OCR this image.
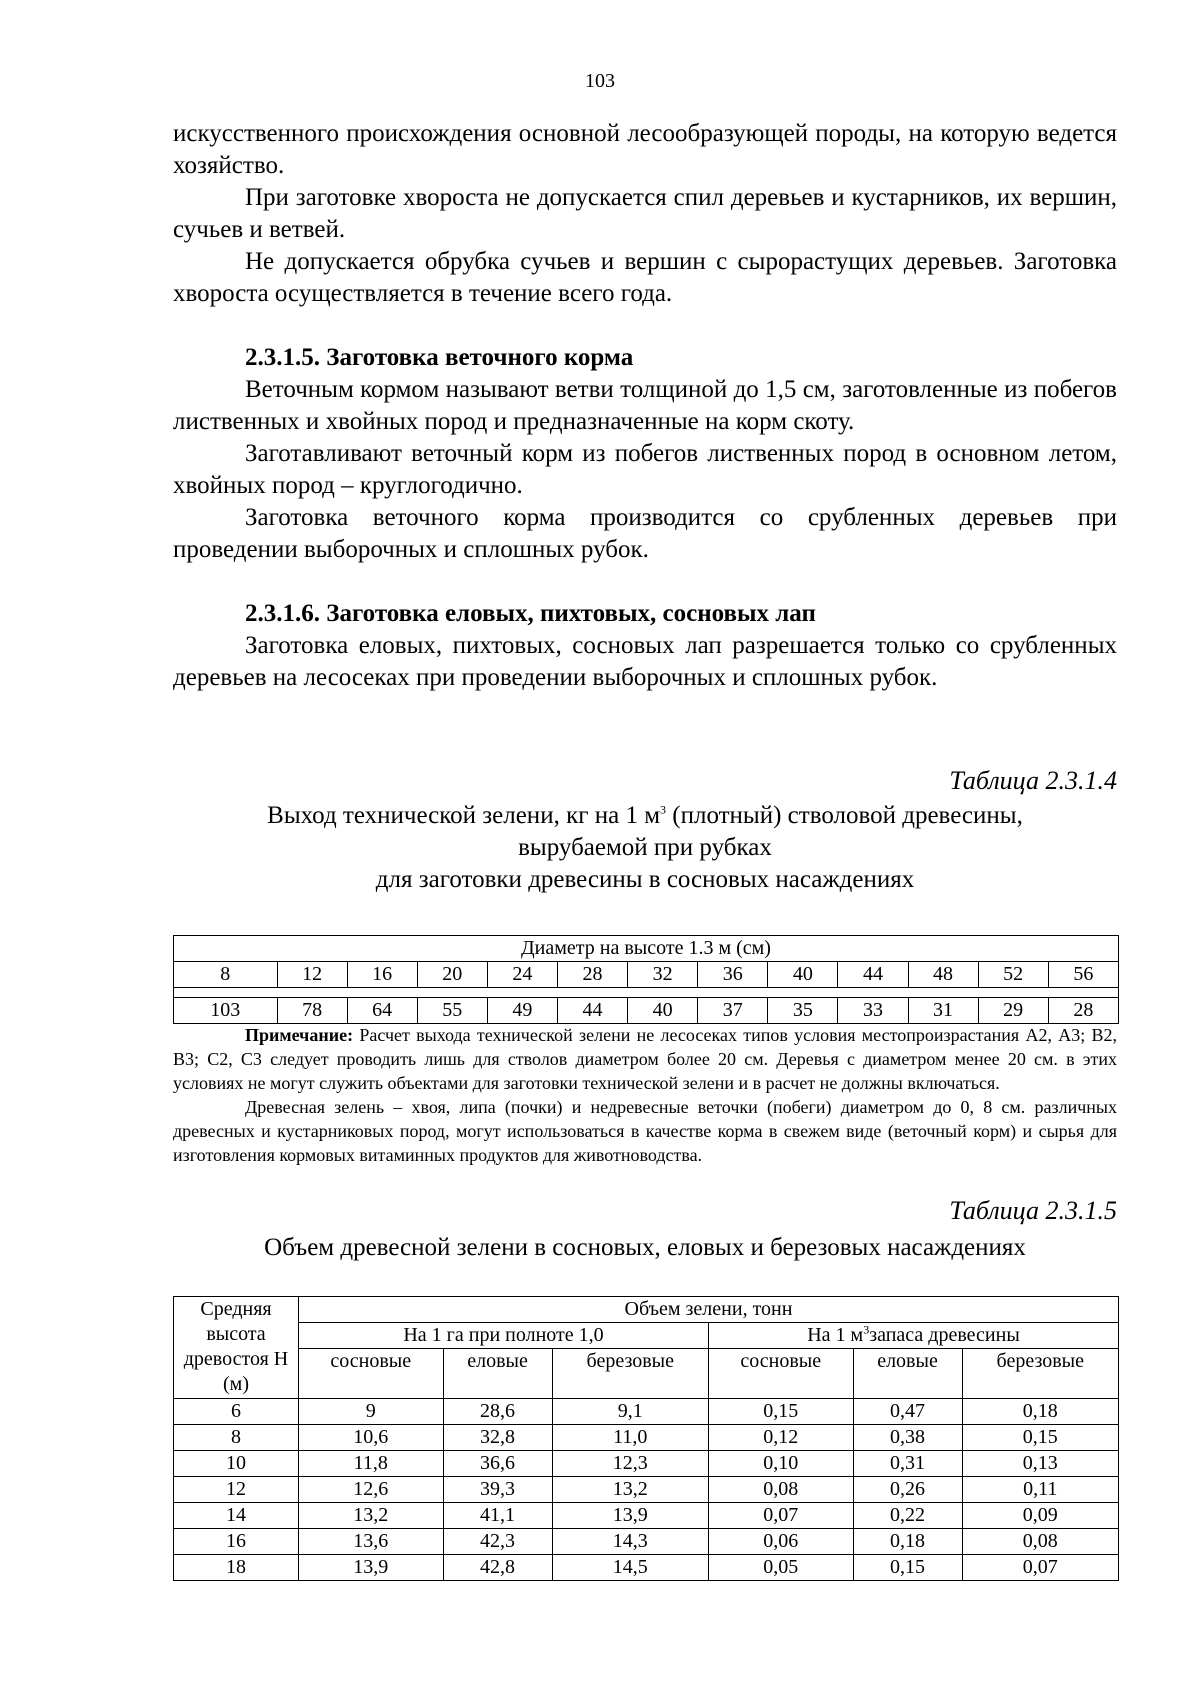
103

искусственного происхождения основной лесообразующей породы, на которую ведется хозяйство.

При заготовке хвороста не допускается спил деревьев и кустарников, их вершин, сучьев и ветвей.

Не допускается обрубка сучьев и вершин с сырорастущих деревьев. Заготовка хвороста осуществляется в течение всего года.

2.3.1.5. Заготовка веточного корма

Веточным кормом называют ветви толщиной до 1,5 см, заготовленные из побегов лиственных и хвойных пород и предназначенные на корм скоту.

Заготавливают веточный корм из побегов лиственных пород в основном летом, хвойных пород – круглогодично.

Заготовка веточного корма производится со срубленных деревьев при проведении выборочных и сплошных рубок.

2.3.1.6. Заготовка еловых, пихтовых, сосновых лап

Заготовка еловых, пихтовых, сосновых лап разрешается только со срубленных деревьев на лесосеках при проведении выборочных и сплошных рубок.

Таблица 2.3.1.4
Выход технической зелени, кг на 1 $м^3$ (плотный) стволовой древесины,
вырубаемой при рубках
для заготовки древесины в сосновых насаждениях
Диаметр на высоте 1.3 м (см)												
8	12	16	20	24	28	32	36	40	44	48	52	56

103	78	64	55	49	44	40	37	35	33	31	29	28

Примечание: Расчет выхода технической зелени не лесосеках типов условия местопроизрастания А2, А3; В2, В3; С2, С3 следует проводить лишь для стволов диаметром более 20 см. Деревья с диаметром менее 20 см. в этих условиях не могут служить объектами для заготовки технической зелени и в расчет не должны включаться.

Древесная зелень – хвоя, липа (почки) и недревесные веточки (побеги) диаметром до 0, 8 см. различных древесных и кустарниковых пород, могут использоваться в качестве корма в свежем виде (веточный корм) и сырья для изготовления кормовых витаминных продуктов для животноводства.

Таблица 2.3.1.5
Объем древесной зелени в сосновых, еловых и березовых насаждениях
Средняя высота древостоя Н (м)	Объем зелени, тонн					
	На 1 га при полноте 1,0			На 1 $м^3запаса$ древесины		
	сосновые	еловые	березовые	сосновые	еловые	березовые
6	9	28,6	9,1	0,15	0,47	0,18
8	10,6	32,8	11,0	0,12	0,38	0,15
10	11,8	36,6	12,3	0,10	0,31	0,13
12	12,6	39,3	13,2	0,08	0,26	0,11
14	13,2	41,1	13,9	0,07	0,22	0,09
16	13,6	42,3	14,3	0,06	0,18	0,08
18	13,9	42,8	14,5	0,05	0,15	0,07
